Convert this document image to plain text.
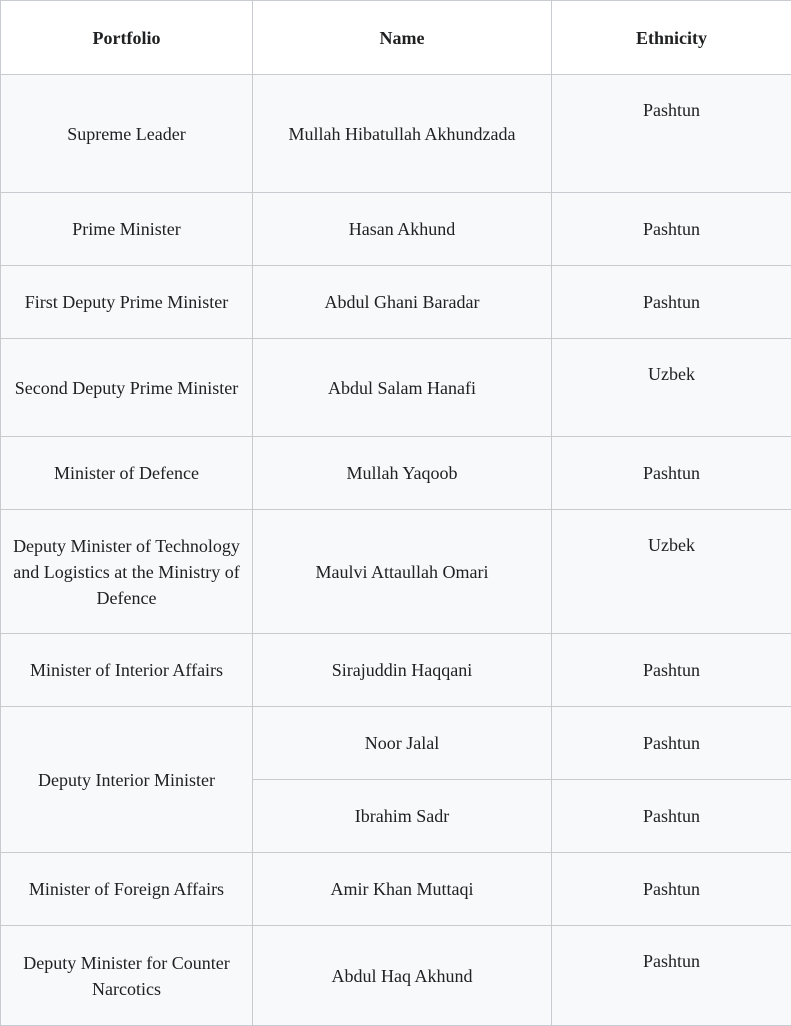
Portfolio	Name	Ethnicity
Supreme Leader	Mullah Hibatullah Akhundzada	Pashtun
Prime Minister	Hasan Akhund	Pashtun
First Deputy Prime Minister	Abdul Ghani Baradar	Pashtun
Second Deputy Prime Minister	Abdul Salam Hanafi	Uzbek
Minister of Defence	Mullah Yaqoob	Pashtun
Deputy Minister of Technology and Logistics at the Ministry of Defence	Maulvi Attaullah Omari	Uzbek
Minister of Interior Affairs	Sirajuddin Haqqani	Pashtun
Deputy Interior Minister	Noor Jalal	Pashtun
	Ibrahim Sadr	Pashtun
Minister of Foreign Affairs	Amir Khan Muttaqi	Pashtun
Deputy Minister for Counter Narcotics	Abdul Haq Akhund	Pashtun
